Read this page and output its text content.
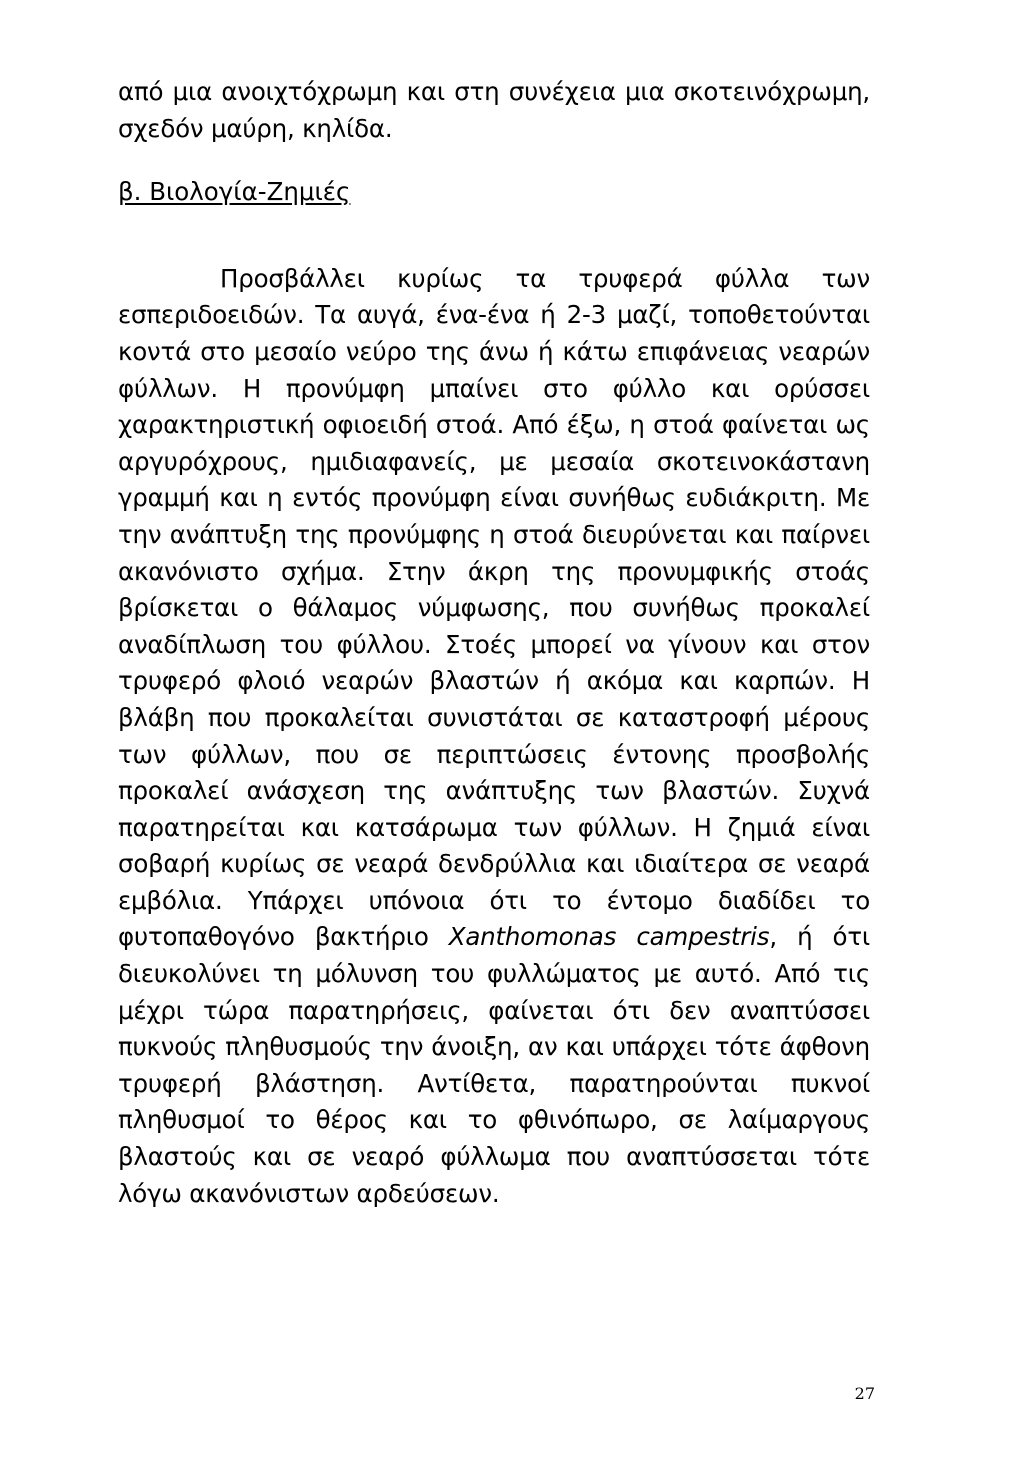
από μια ανοιχτόχρωμη και στη συνέχεια μια σκοτεινόχρωμη, σχεδόν μαύρη, κηλίδα.

β. Βιολογία-Ζημιές

Προσβάλλει κυρίως τα τρυφερά φύλλα των εσπεριδοειδών. Τα αυγά, ένα-ένα ή 2-3 μαζί, τοποθετούνται κοντά στο μεσαίο νεύρο της άνω ή κάτω επιφάνειας νεαρών φύλλων. Η προνύμφη μπαίνει στο φύλλο και ορύσσει χαρακτηριστική οφιοειδή στοά. Από έξω, η στοά φαίνεται ως αργυρόχρους, ημιδιαφανείς, με μεσαία σκοτεινοκάστανη γραμμή και η εντός προνύμφη είναι συνήθως ευδιάκριτη. Με την ανάπτυξη της προνύμφης η στοά διευρύνεται και παίρνει ακανόνιστο σχήμα. Στην άκρη της προνυμφικής στοάς βρίσκεται ο θάλαμος νύμφωσης, που συνήθως προκαλεί αναδίπλωση του φύλλου. Στοές μπορεί να γίνουν και στον τρυφερό φλοιό νεαρών βλαστών ή ακόμα και καρπών. Η βλάβη που προκαλείται συνιστάται σε καταστροφή μέρους των φύλλων, που σε περιπτώσεις έντονης προσβολής προκαλεί ανάσχεση της ανάπτυξης των βλαστών. Συχνά παρατηρείται και κατσάρωμα των φύλλων. Η ζημιά είναι σοβαρή κυρίως σε νεαρά δενδρύλλια και ιδιαίτερα σε νεαρά εμβόλια. Υπάρχει υπόνοια ότι το έντομο διαδίδει το φυτοπαθογόνο βακτήριο Xanthomonas campestris, ή ότι διευκολύνει τη μόλυνση του φυλλώματος με αυτό. Από τις μέχρι τώρα παρατηρήσεις, φαίνεται ότι δεν αναπτύσσει πυκνούς πληθυσμούς την άνοιξη, αν και υπάρχει τότε άφθονη τρυφερή βλάστηση. Αντίθετα, παρατηρούνται πυκνοί πληθυσμοί το θέρος και το φθινόπωρο, σε λαίμαργους βλαστούς και σε νεαρό φύλλωμα που αναπτύσσεται τότε λόγω ακανόνιστων αρδεύσεων.

27
